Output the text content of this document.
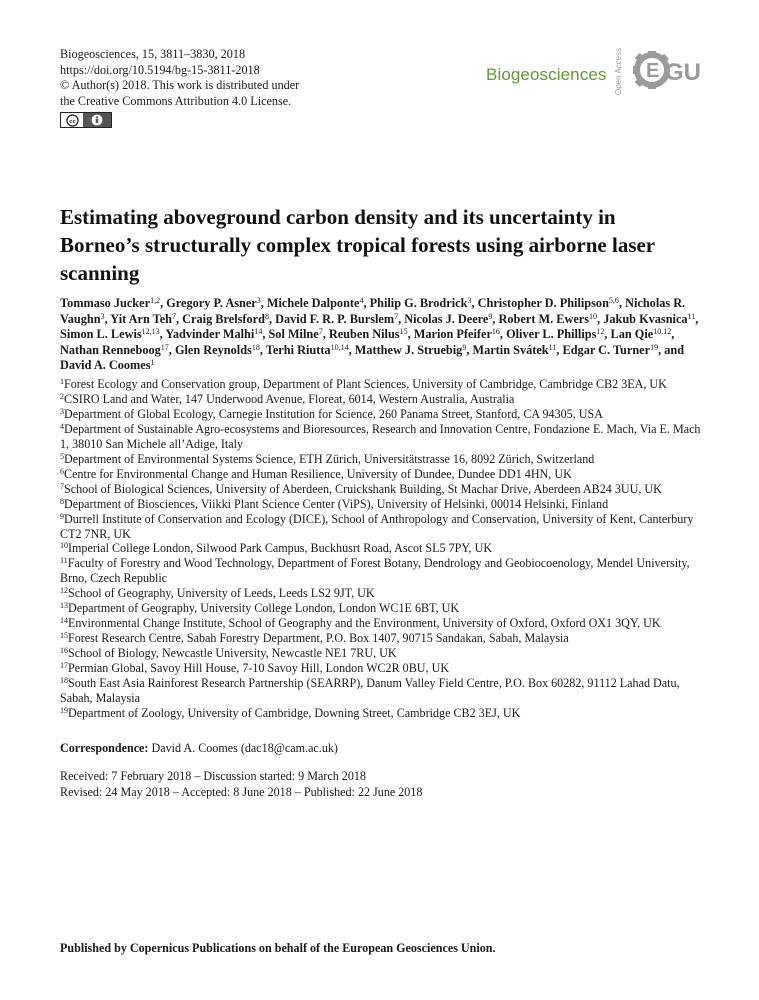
Biogeosciences, 15, 3811–3830, 2018
https://doi.org/10.5194/bg-15-3811-2018
© Author(s) 2018. This work is distributed under
the Creative Commons Attribution 4.0 License.
cc
Biogeosciences Open Access E GU
Estimating aboveground carbon density and its uncertainty in Borneo’s structurally complex tropical forests using airborne laser scanning
Tommaso Jucker$^{1,2}$, Gregory P. Asner$^3$, Michele Dalponte$^4$, Philip G. Brodrick$^3$, Christopher D. Philipson$^{5,6}$, Nicholas R. Vaughn$^3$, Yit Arn Teh$^7$, Craig Brelsford$^8$, David F. R. P. Burslem$^7$, Nicolas J. Deere$^9$, Robert M. Ewers$^{10}$, Jakub Kvasnica$^{11}$, Simon L. Lewis$^{12,13}$, Yadvinder Malhi$^{14}$, Sol Milne$^7$, Reuben Nilus$^{15}$, Marion Pfeifer$^{16}$, Oliver L. Phillips$^{12}$, Lan Qie$^{10,12}$, Nathan Renneboog$^{17}$, Glen Reynolds$^{18}$, Terhi Riutta$^{10,14}$, Matthew J. Struebig$^9$, Martin Svátek$^{11}$, Edgar C. Turner$^{19}$, and David A. Coomes$^1$
$^1$Forest Ecology and Conservation group, Department of Plant Sciences, University of Cambridge, Cambridge CB2 3EA, UK
$^2$CSIRO Land and Water, 147 Underwood Avenue, Floreat, 6014, Western Australia, Australia
$^3$Department of Global Ecology, Carnegie Institution for Science, 260 Panama Street, Stanford, CA 94305, USA
$^4$Department of Sustainable Agro-ecosystems and Bioresources, Research and Innovation Centre, Fondazione E. Mach, Via E. Mach 1, 38010 San Michele all’Adige, Italy
$^5$Department of Environmental Systems Science, ETH Zürich, Universitätstrasse 16, 8092 Zürich, Switzerland
$^6$Centre for Environmental Change and Human Resilience, University of Dundee, Dundee DD1 4HN, UK
$^7$School of Biological Sciences, University of Aberdeen, Cruickshank Building, St Machar Drive, Aberdeen AB24 3UU, UK
$^8$Department of Biosciences, Viikki Plant Science Center (ViPS), University of Helsinki, 00014 Helsinki, Finland
$^9$Durrell Institute of Conservation and Ecology (DICE), School of Anthropology and Conservation, University of Kent, Canterbury CT2 7NR, UK
$^{10}$Imperial College London, Silwood Park Campus, Buckhusrt Road, Ascot SL5 7PY, UK
$^{11}$Faculty of Forestry and Wood Technology, Department of Forest Botany, Dendrology and Geobiocoenology, Mendel University, Brno, Czech Republic
$^{12}$School of Geography, University of Leeds, Leeds LS2 9JT, UK
$^{13}$Department of Geography, University College London, London WC1E 6BT, UK
$^{14}$Environmental Change Institute, School of Geography and the Environment, University of Oxford, Oxford OX1 3QY, UK
$^{15}$Forest Research Centre, Sabah Forestry Department, P.O. Box 1407, 90715 Sandakan, Sabah, Malaysia
$^{16}$School of Biology, Newcastle University, Newcastle NE1 7RU, UK
$^{17}$Permian Global, Savoy Hill House, 7-10 Savoy Hill, London WC2R 0BU, UK
$^{18}$South East Asia Rainforest Research Partnership (SEARRP), Danum Valley Field Centre, P.O. Box 60282, 91112 Lahad Datu, Sabah, Malaysia
$^{19}$Department of Zoology, University of Cambridge, Downing Street, Cambridge CB2 3EJ, UK
Correspondence: David A. Coomes (dac18@cam.ac.uk)
Received: 7 February 2018 – Discussion started: 9 March 2018
Revised: 24 May 2018 – Accepted: 8 June 2018 – Published: 22 June 2018
Published by Copernicus Publications on behalf of the European Geosciences Union.
